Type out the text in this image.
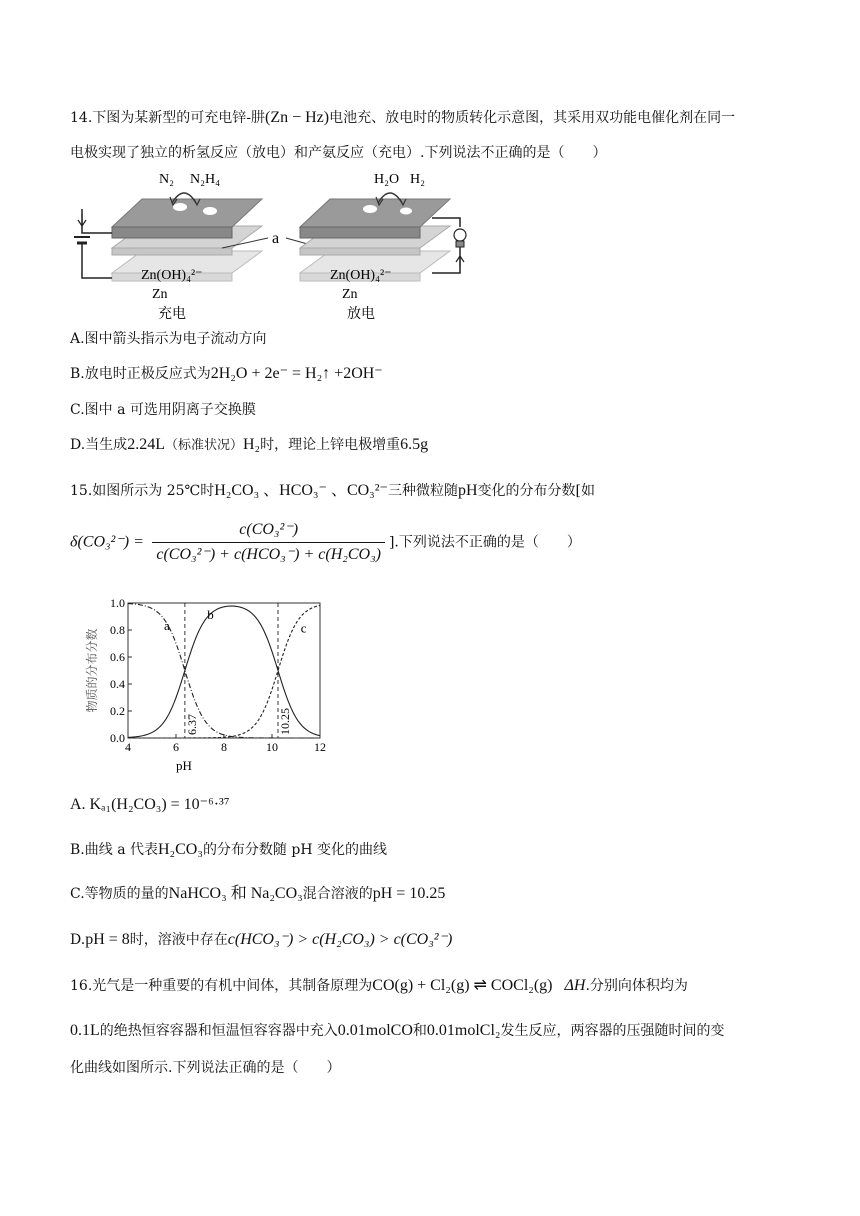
14.下图为某新型的可充电锌-肼(Zn − Hz)电池充、放电时的物质转化示意图，其采用双功能电催化剂在同一
电极实现了独立的析氢反应（放电）和产氨反应（充电）.下列说法不正确的是（　　）
N₂ N₂H₄
Zn(OH)₄²⁻
Zn
充电
a
H₂O H₂
Zn(OH)₄²⁻
Zn
放电
A.图中箭头指示为电子流动方向
B.放电时正极反应式为2H₂O + 2e⁻ = H₂↑ +2OH⁻
C.图中 a 可选用阴离子交换膜
D.当生成2.24L（标准状况）H₂时，理论上锌电极增重6.5g
15.如图所示为 25℃时H₂CO₃ 、HCO₃⁻ 、CO₃²⁻三种微粒随pH变化的分布分数[如
$\delta(CO_3^{2-}) = \frac{\text{c(CO₃²⁻)}}{\text{c(CO₃²⁻) + c(HCO₃⁻) + c(H₂CO₃)}}$ ].下列说法不正确的是（　　）
4	6	8	10	12
0.0
0.2
0.4
0.6
0.8
1.0
pH
物质的分布分数
a
b
c
6.37	10.25
A. Kₐ₁(H₂CO₃) = 10⁻⁶·³⁷
B.曲线 a 代表H₂CO₃的分布分数随 pH 变化的曲线
C.等物质的量的NaHCO₃ 和 Na₂CO₃混合溶液的pH = 10.25
D.pH = 8时，溶液中存在c(HCO₃⁻) > c(H₂CO₃) > c(CO₃²⁻)
16.光气是一种重要的有机中间体，其制备原理为CO(g) + Cl₂(g) ⇌ COCl₂(g) ΔH.分别向体积均为
0.1L的绝热恒容容器和恒温恒容容器中充入0.01molCO和0.01molCl₂发生反应，两容器的压强随时间的变
化曲线如图所示.下列说法正确的是（　　）
